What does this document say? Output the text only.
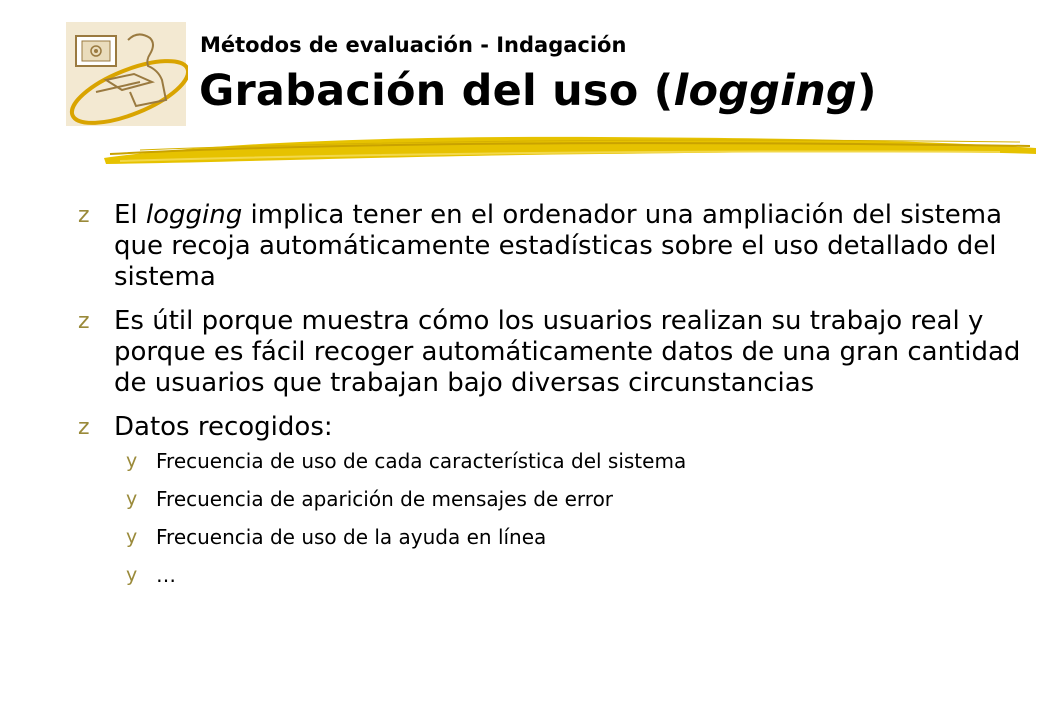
Métodos de evaluación - Indagación
Grabación del uso (logging)
z El logging implica tener en el ordenador una ampliación del sistema que recoja automáticamente estadísticas sobre el uso detallado del sistema
z Es útil porque muestra cómo los usuarios realizan su trabajo real y porque es fácil recoger automáticamente datos de una gran cantidad de usuarios que trabajan bajo diversas circunstancias
z Datos recogidos:
y Frecuencia de uso de cada característica del sistema
y Frecuencia de aparición de mensajes de error
y Frecuencia de uso de la ayuda en línea
y …
